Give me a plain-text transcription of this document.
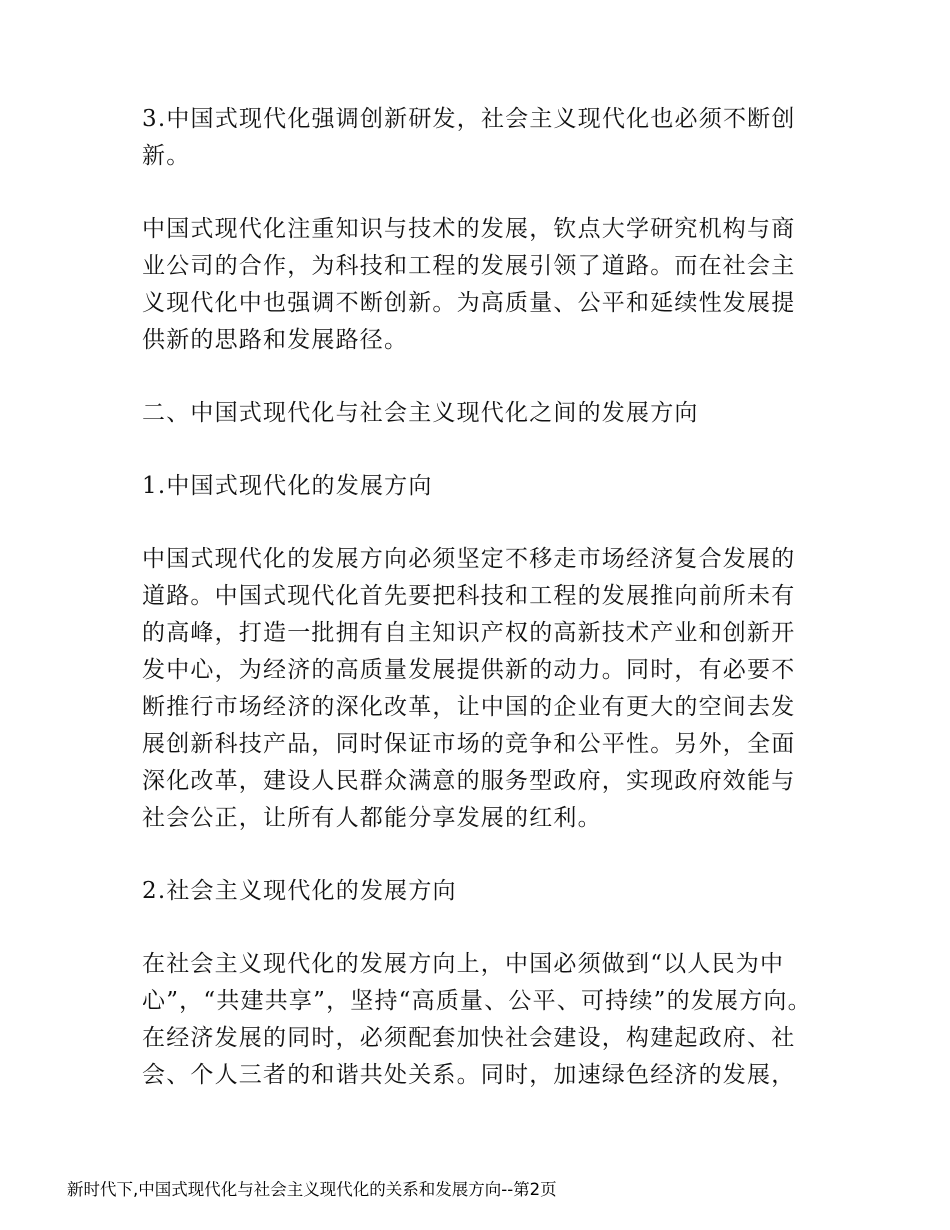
3.中国式现代化强调创新研发，社会主义现代化也必须不断创
新。

中国式现代化注重知识与技术的发展，钦点大学研究机构与商
业公司的合作，为科技和工程的发展引领了道路。而在社会主
义现代化中也强调不断创新。为高质量、公平和延续性发展提
供新的思路和发展路径。

二、中国式现代化与社会主义现代化之间的发展方向

1.中国式现代化的发展方向

中国式现代化的发展方向必须坚定不移走市场经济复合发展的
道路。中国式现代化首先要把科技和工程的发展推向前所未有
的高峰，打造一批拥有自主知识产权的高新技术产业和创新开
发中心，为经济的高质量发展提供新的动力。同时，有必要不
断推行市场经济的深化改革，让中国的企业有更大的空间去发
展创新科技产品，同时保证市场的竞争和公平性。另外，全面
深化改革，建设人民群众满意的服务型政府，实现政府效能与
社会公正，让所有人都能分享发展的红利。

2.社会主义现代化的发展方向

在社会主义现代化的发展方向上，中国必须做到“以人民为中
心”，“共建共享”，坚持“高质量、公平、可持续”的发展方向。
在经济发展的同时，必须配套加快社会建设，构建起政府、社
会、个人三者的和谐共处关系。同时，加速绿色经济的发展，

新时代下,中国式现代化与社会主义现代化的关系和发展方向--第2页
